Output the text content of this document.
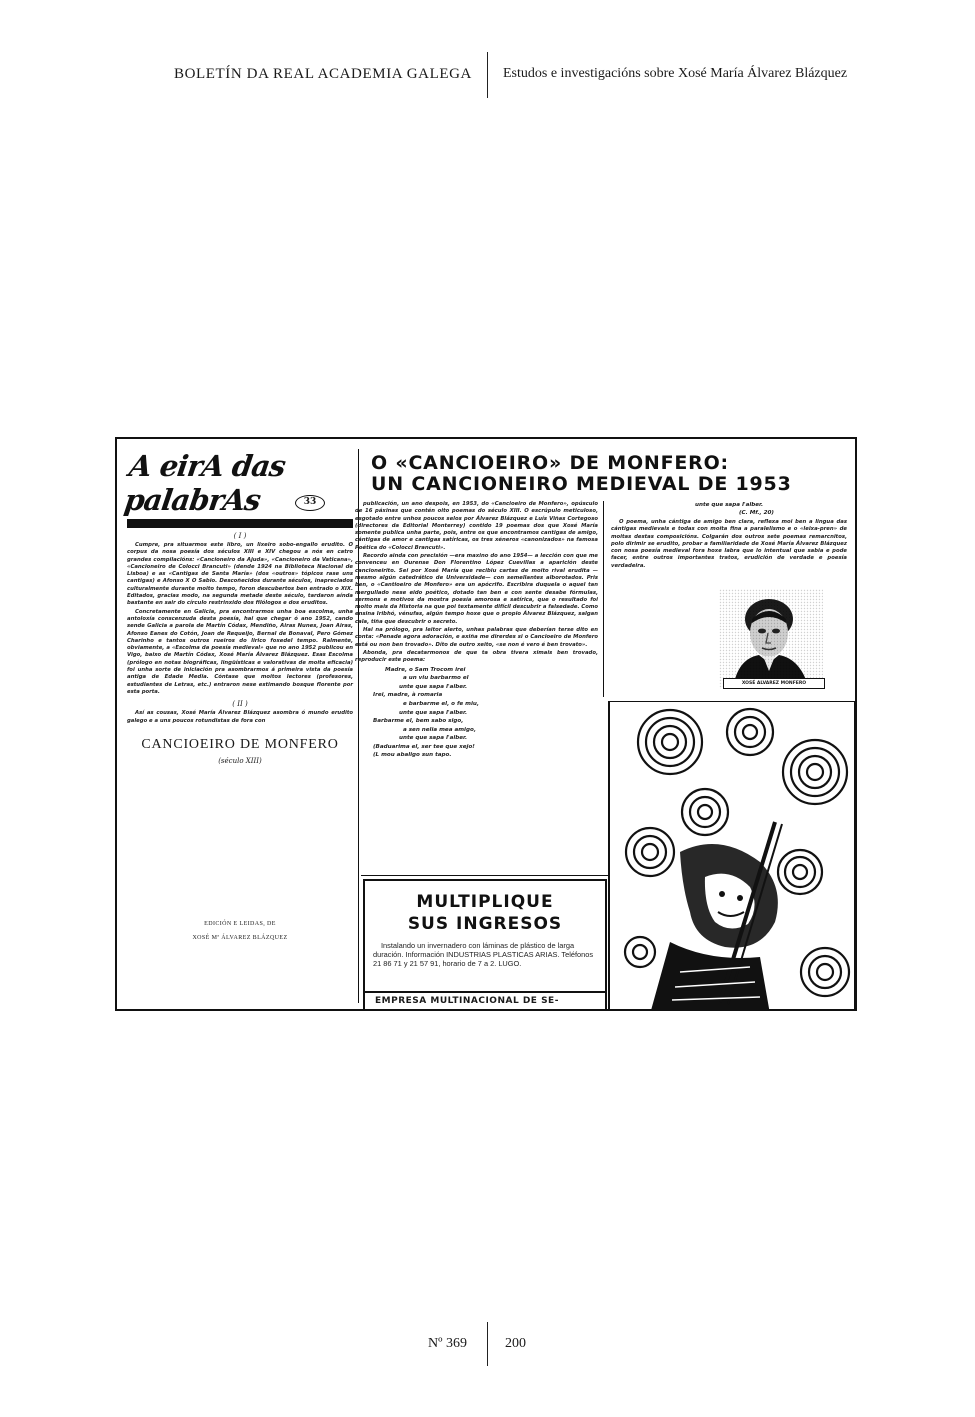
BOLETÍN DA REAL ACADEMIA GALEGA Estudos e investigacións sobre Xosé María Álvarez Blázquez
A eirA das palabrAs	33
( I )

Cumpre, pra situarmos este libro, un lixeiro sobo-engallo erudito. O corpus da nosa poesía dos séculos XIII e XIV chegou a nós en catro grandes compilacións: «Cancioneiro da Ajuda», «Cancioneiro da Vaticana», «Cancioneiro de Colocci Brancuti» (dende 1924 na Biblioteca Nacional de Lisboa) e as «Cantigas de Santa María» (dos «outros» tópicos rase uns cantigas) e Afonso X O Sabio. Descoñecidos durante séculos, inapreciados culturalmente durante moito tempo, foron descubertos ben entrado o XIX. Editados, gracias modo, na segunda metade deste século, tardaron aínda bastante en sair do círculo restrinxido dos filólogos e dos eruditos.

Concretamente en Galicia, pra encontrarmos unha boa escolma, unha antoloxía conscenzuda desta poesía, hai que chegar ó ano 1952, cando sende Galicia a parola de Martín Códax, Mendiño, Airas Nunes, Joan Airas, Afonso Eanes do Cotón, Joan de Requeijo, Bernal de Bonaval, Pero Gómez Charinho e tantos outros rueiros do lirico foxedel tempo. Ralmente, obviamente, a «Escolma da poesía medieval» que no ano 1952 publicou en Vigo, baixo de Martín Códax, Xosé María Álvarez Blázquez. Esas Escolma (prólogo en notas biográficas, lingüísticas e valorativas de moita eficacia) foi unha sorte de iniciación pra asombrarmos á primeira vista da poesía antiga de Edade Media. Cóntase que moitos lectores (profesores, estudiantes de Letras, etc.) entraron nese estimando bosque florente por esta porta.

( II )

Así as cousas, Xosé María Álvarez Blázquez asombra ó mundo erudito galego e a uns poucos rotundistas de fora con

CANCIOEIRO DE MONFERO
(século XIII)
EDICIÓN E LEIDAS, DE
XOSÉ Mª ÁLVAREZ BLÁZQUEZ
O «CANCIOEIRO» DE MONFERO:
UN CANCIONEIRO MEDIEVAL DE 1953

publicación, un ano despois, en 1953, do «Cancioeiro de Monfero», opúsculo de 16 páxinas que contén oito poemas do século XIII. O escrúpulo meticuloso, esgotado entre unhos poucos selos por Álvarez Blázquez e Luís Viñas Cortegoso (directores da Editorial Monterrey) contido 19 poemas dos que Xosé María somente publica unha parte, pois, entre os que encontramos cantigas de amigo, cántigas de amor e cantigas satíricas, os tres xéneros «canonizados» na famosa Poética do «Colocci Brancuti».

Recordo ainda con precisión —era maxino do ano 1954— a lección con que me convenceu en Ourense Don Florentino López Cuevillas a aparición deste cancioneirito. Sei por Xosé María que recibiu cartas de moito rival erudita —mesmo algún catedrático de Universidade— con semellantes alborotados. Pris ben, o «Cantioeiro de Monfero» era un apócrifo. Escribira duquela o aquel tan mergullado nese eido poético, dotado tan ben e con sente desabe fórmulas, sermons e motivos da mostra poesía amorosa e satírica, que o resultado foi moito mais da Historia na que poi textamente difícil descubrir a falsedade. Como ensina Iribhó, vénufas, algún tempo hoxe que o propio Álvarez Blázquez, salgan cala, tiña que descubrir o secreto.

Hai na prólogo, pra leitor alerto, unhas palabras que deberían terse dito en conta: «Penade agora adoración, e axiña me direrdes si o Cancioeiro de Monfero está ou non ben trovado». Díto de outro xeito, «se non é vero é ben trovato».

Abonda, pra decatarmonos de que ta obra tivera ximais ben trovado, reproducir este poema:

Madre, o Sam Trocom irei
a un viu barbarmo el
unte que sapa l'alber.
Irei, madre, à romaria
e barbarme el, o fe miu,
unte que sapa l'alber.
Barbarme el, bem sabo sigo,
a sen nelia mea amigo,
unte que sapa l'alber.
(Baduarima el, ser tee que xejo!
(L mou abaligo sun tapo.
unte que sapa l'alber.
(C. Mf., 20)

O poema, unha cántiga de amigo ben clara, reflexa moi ben a lingua das cántigas medievais e todas con moita fina a paralelismo e o «leixa-pren» de moitas destas composicións. Colgarán dos outros sete poemas remarcnitos, polo dirimir se erudito, probar a familiaridade de Xosé María Álvarez Blázquez con nosa poesía medieval fora hoxe labra que lo intentual que sabia e pode facer, entre outros importantes tratos, erudición de verdade e poesía verdadeira.

XOSÉ ALVAREZ MONFERO
MULTIPLIQUE
SUS INGRESOS
Instalando un invernadero con láminas de plástico de larga duración. Información INDUSTRIAS PLASTICAS ARIAS. Teléfonos 21 86 71 y 21 57 91, horario de 7 a 2. LUGO.
EMPRESA MULTINACIONAL DE SE-
Nº 369	200
